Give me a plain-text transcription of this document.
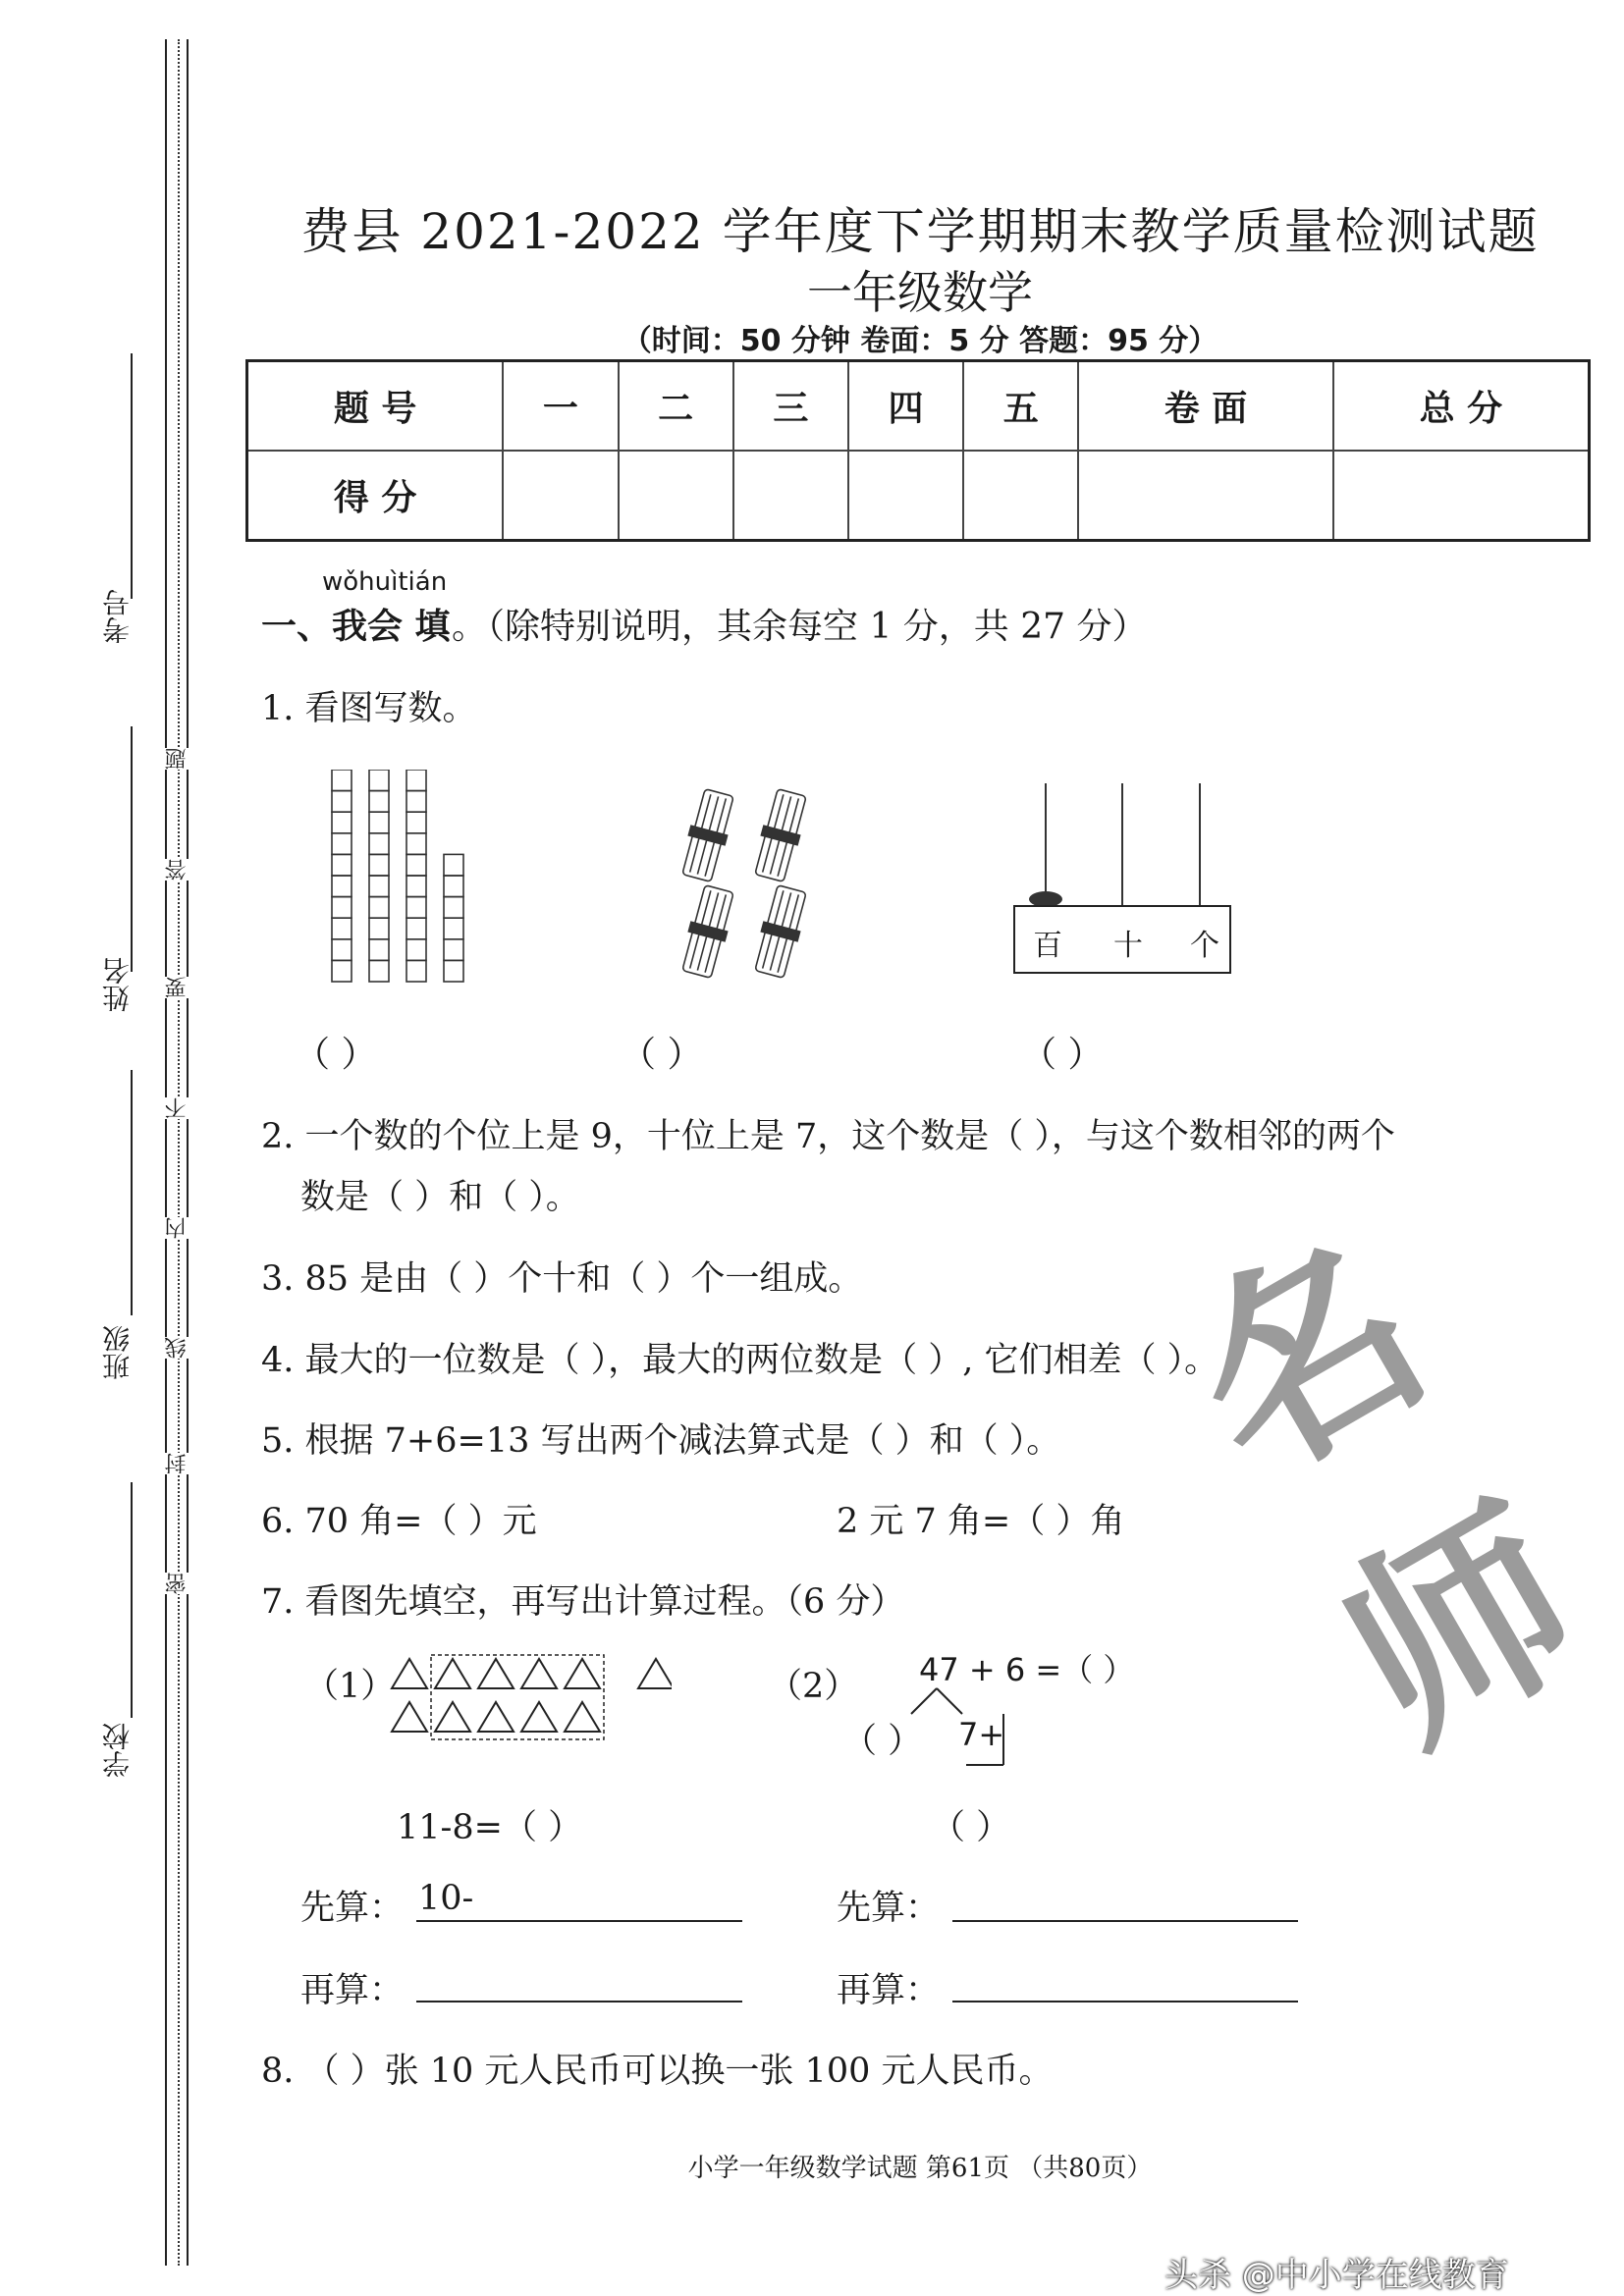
考号
姓名
班级
学校
题
答
要
不
内
线
封
密
费县 2021-2022 学年度下学期期末教学质量检测试题
一年级数学
（时间：50 分钟 卷面：5 分 答题：95 分）
题 号	一	二	三	四	五	卷 面	总 分
得 分							
wǒhuìtián
一、我会 填 。（除特别说明，其余每空 1 分，共 27 分）
1. 看图写数。
百 十 个
（ ）	（ ）	（ ）
2. 一个数的个位上是 9，十位上是 7，这个数是（ ），与这个数相邻的两个
数是（ ）和（ ）。
3. 85 是由（ ）个十和（ ）个一组成。
4. 最大的一位数是（ ），最大的两位数是（ ）, 它们相差（ ）。
5. 根据 7+6=13 写出两个减法算式是（ ）和（ ）。
6. 70 角=（ ）元	2 元 7 角=（ ）角
7. 看图先填空，再写出计算过程。（6 分）
（1）	（2） 47 + 6 =（ ）
（ ） 7+
11-8=（ ）	（ ）
先算： 10-	先算：
再算：	再算：
8. （ ）张 10 元人民币可以换一张 100 元人民币。
小学一年级数学试题 第61页 （共80页）
名师
头杀 @中小学在线教育
